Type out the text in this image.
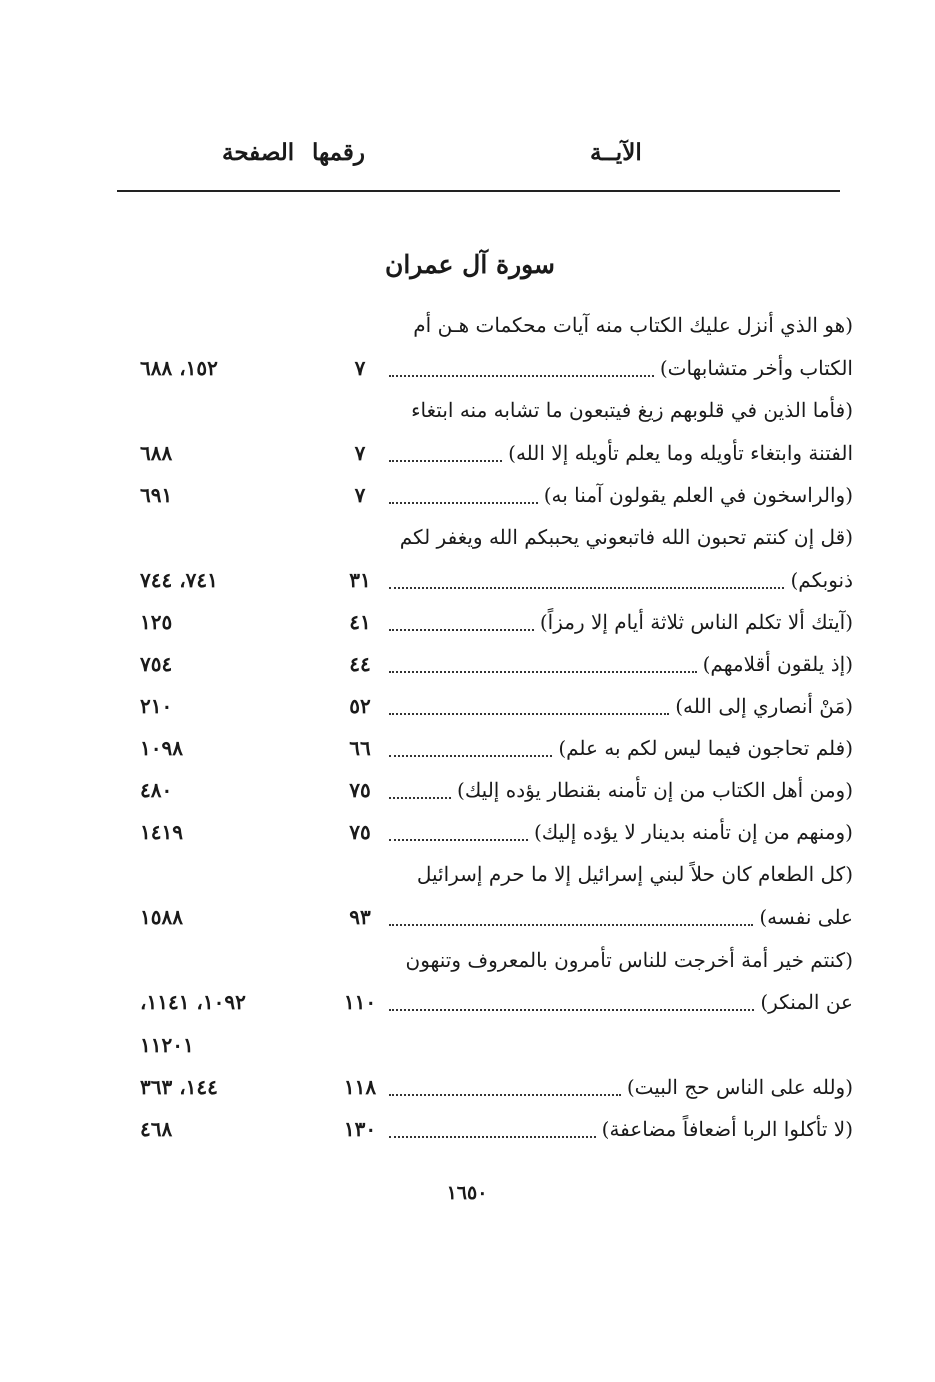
الآيــة
رقمها
الصفحة
سورة آل عمران
(هو الذي أنزل عليك الكتاب منه آيات محكمات هـن أم
الكتاب وأخر متشابهات)
٧
١٥٢، ٦٨٨
(فأما الذين في قلوبهم زيغ فيتبعون ما تشابه منه ابتغاء
الفتنة وابتغاء تأويله وما يعلم تأويله إلا الله)
٧
٦٨٨
(والراسخون في العلم يقولون آمنا به)
٧
٦٩١
(قل إن كنتم تحبون الله فاتبعوني يحببكم الله ويغفر لكم
ذنوبكم)
٣١
٧٤١، ٧٤٤
(آيتك ألا تكلم الناس ثلاثة أيام إلا رمزاً)
٤١
١٢٥
(إذ يلقون أقلامهم)
٤٤
٧٥٤
(مَنْ أنصاري إلى الله)
٥٢
٢١٠
(فلم تحاجون فيما ليس لكم به علم)
٦٦
١٠٩٨
(ومن أهل الكتاب من إن تأمنه بقنطار يؤده إليك)
٧٥
٤٨٠
(ومنهم من إن تأمنه بدينار لا يؤده إليك)
٧٥
١٤١٩
(كل الطعام كان حلاً لبني إسرائيل إلا ما حرم إسرائيل
على نفسه)
٩٣
١٥٨٨
(كنتم خير أمة أخرجت للناس تأمرون بالمعروف وتنهون
عن المنكر)
١١٠
١٠٩٢، ١١٤١،
١١٢٠١
(ولله على الناس حج البيت)
١١٨
١٤٤، ٣٦٣
(لا تأكلوا الربا أضعافاً مضاعفة)
١٣٠
٤٦٨
١٦٥٠
